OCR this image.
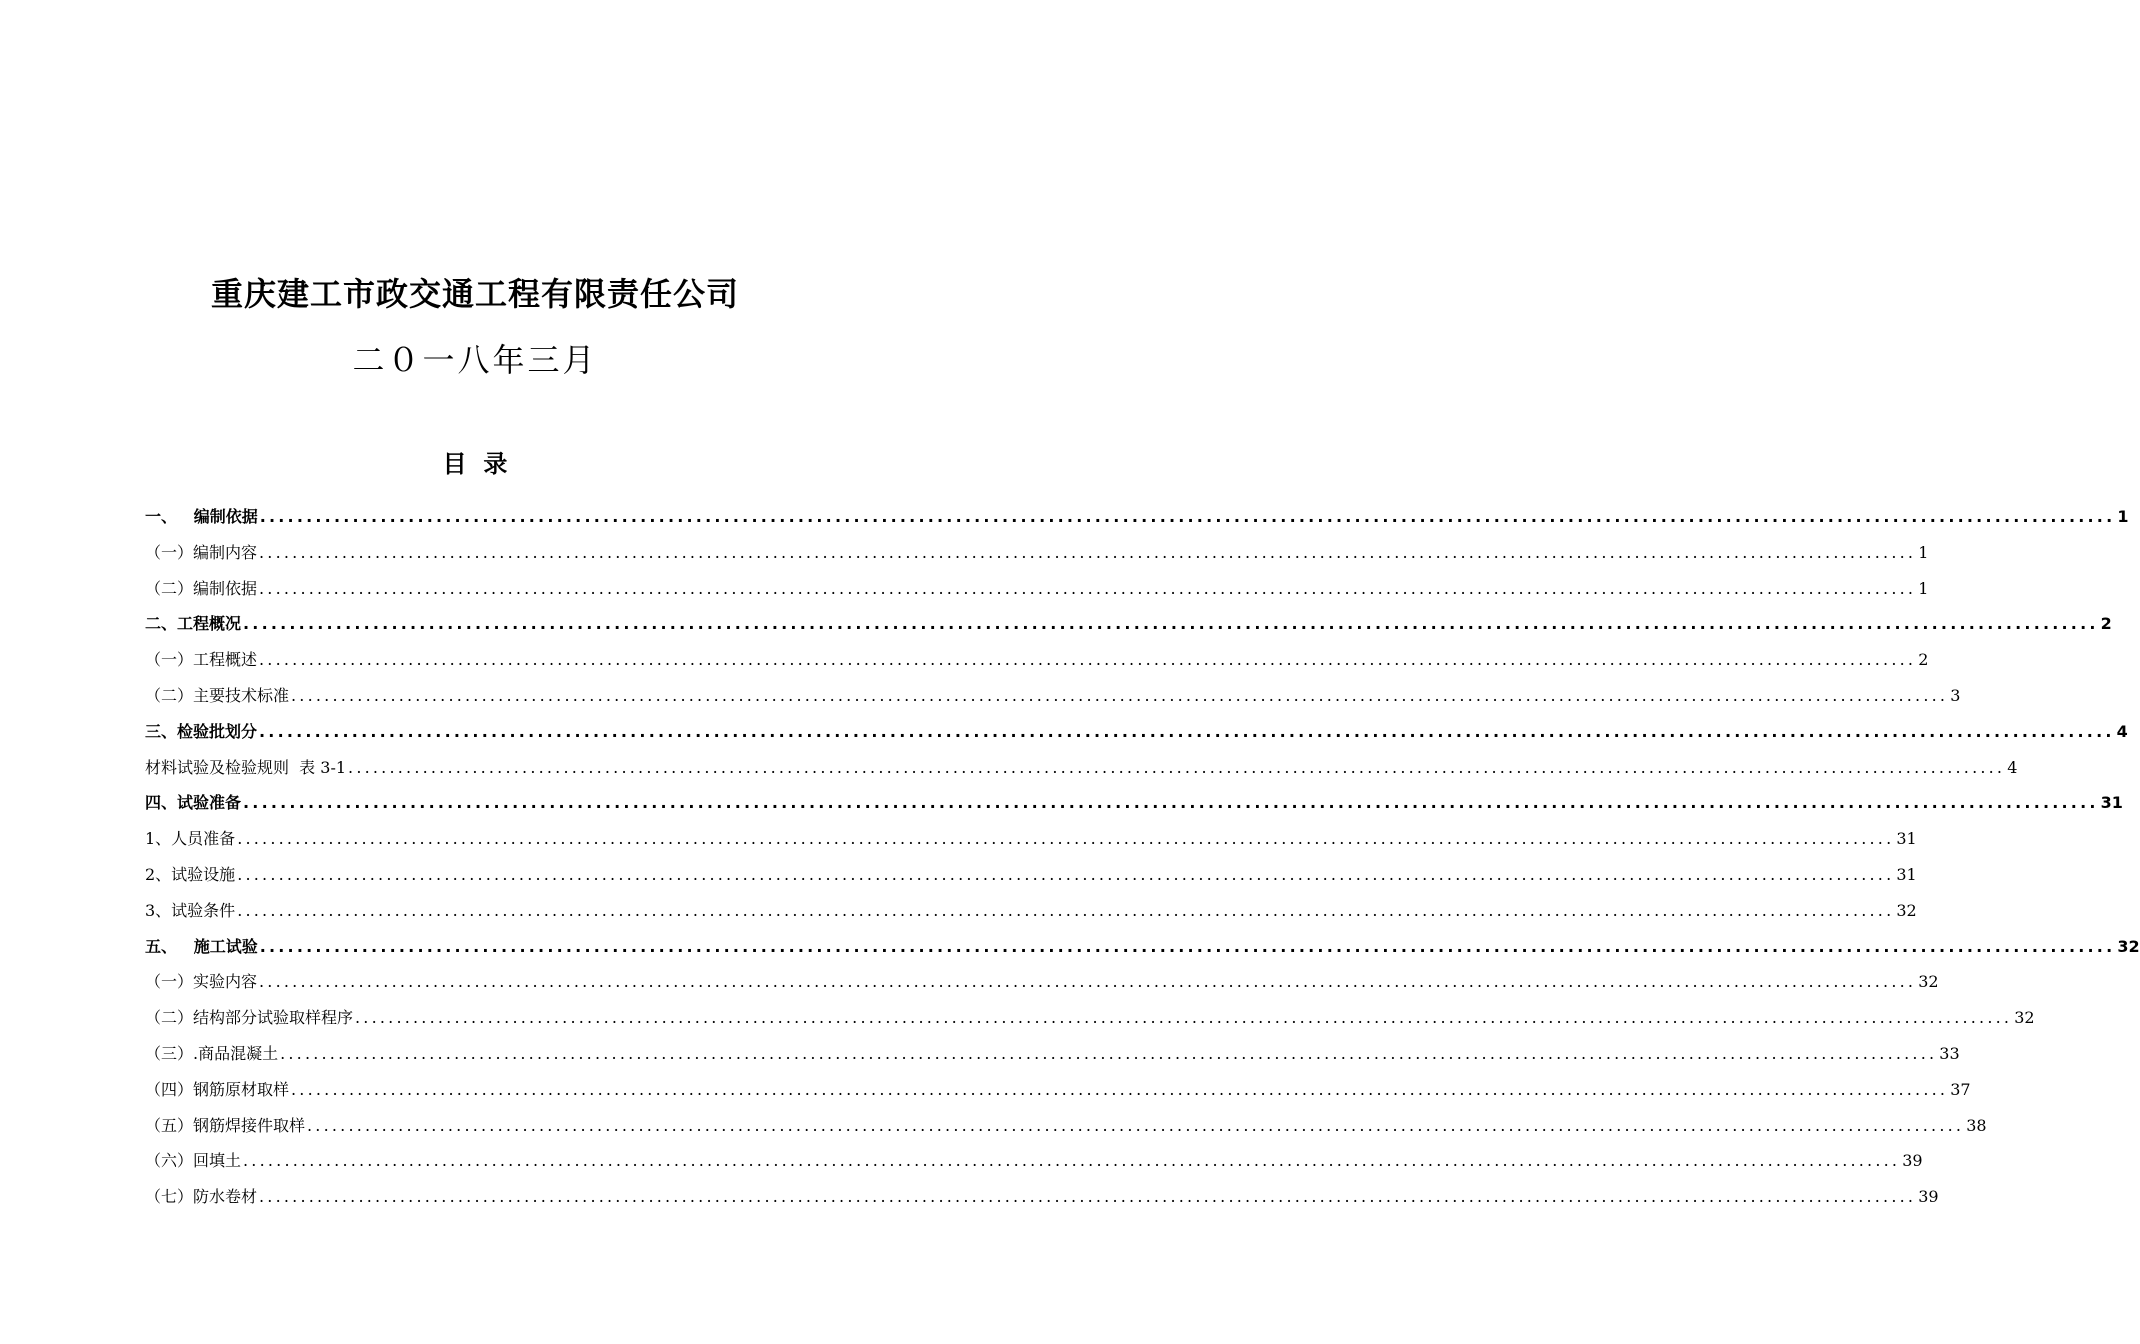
重庆建工市政交通工程有限责任公司
二０一八年三月
目  录
一、   编制依据 ........................................................................................................................................................................................................ 1
（一）编制内容 ........................................................................................................................................................................................................ 1
（二）编制依据 ........................................................................................................................................................................................................ 1
二、工程概况 ........................................................................................................................................................................................................ 2
（一）工程概述 ........................................................................................................................................................................................................ 2
（二）主要技术标准 ........................................................................................................................................................................................................ 3
三、检验批划分 ........................................................................................................................................................................................................ 4
材料试验及检验规则  表 3-1 ........................................................................................................................................................................................................ 4
四、试验准备 ........................................................................................................................................................................................................ 31
1、人员准备 ........................................................................................................................................................................................................ 31
2、试验设施 ........................................................................................................................................................................................................ 31
3、试验条件 ........................................................................................................................................................................................................ 32
五、   施工试验 ........................................................................................................................................................................................................ 32
（一）实验内容 ........................................................................................................................................................................................................ 32
（二）结构部分试验取样程序 ........................................................................................................................................................................................................ 32
（三）.商品混凝土 ........................................................................................................................................................................................................ 33
（四）钢筋原材取样 ........................................................................................................................................................................................................ 37
（五）钢筋焊接件取样 ........................................................................................................................................................................................................ 38
（六）回填土 ........................................................................................................................................................................................................ 39
（七）防水卷材 ........................................................................................................................................................................................................ 39
